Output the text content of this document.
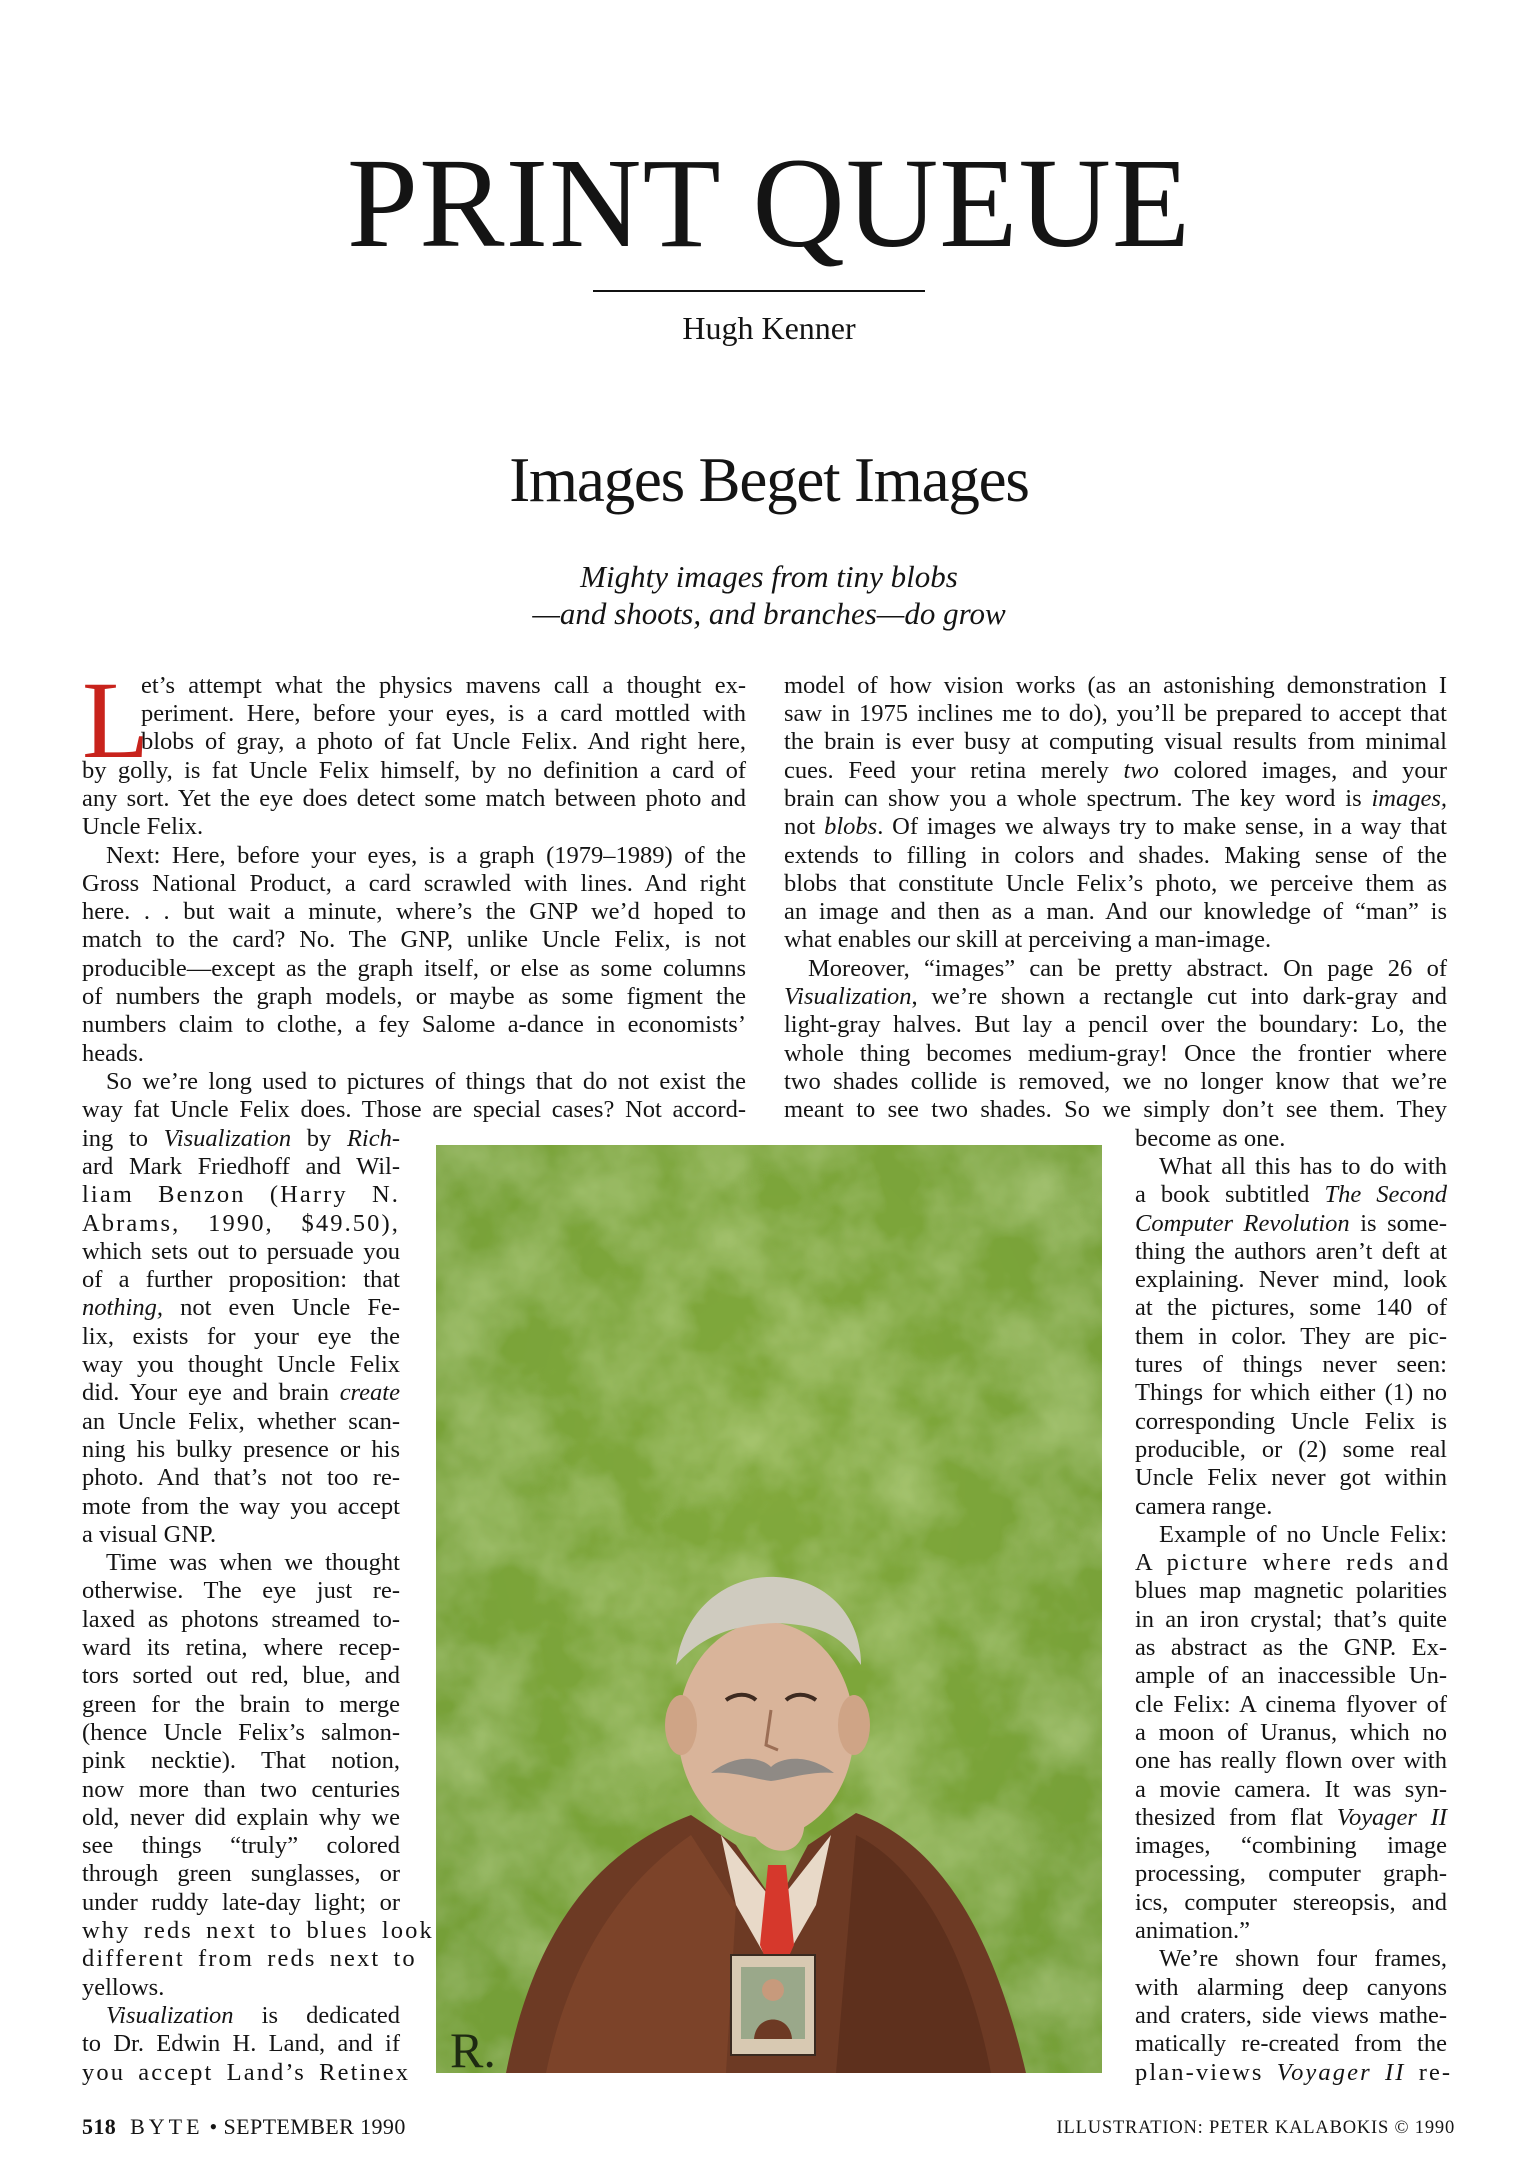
PRINT QUEUE
Hugh Kenner
Images Beget Images
Mighty images from tiny blobs
—and shoots, and branches—do grow
L
et’s attempt what the physics mavens call a thought ex-
periment. Here, before your eyes, is a card mottled with
blobs of gray, a photo of fat Uncle Felix. And right here,
by golly, is fat Uncle Felix himself, by no definition a card of
any sort. Yet the eye does detect some match between photo and
Uncle Felix.
Next: Here, before your eyes, is a graph (1979–1989) of the
Gross National Product, a card scrawled with lines. And right
here. . . but wait a minute, where’s the GNP we’d hoped to
match to the card? No. The GNP, unlike Uncle Felix, is not
producible—except as the graph itself, or else as some columns
of numbers the graph models, or maybe as some figment the
numbers claim to clothe, a fey Salome a-dance in economists’
heads.
So we’re long used to pictures of things that do not exist the
way fat Uncle Felix does. Those are special cases? Not accord-
ing to Visualization by Rich-
ard Mark Friedhoff and Wil-
liam Benzon (Harry N.
Abrams, 1990, $49.50),
which sets out to persuade you
of a further proposition: that
nothing, not even Uncle Fe-
lix, exists for your eye the
way you thought Uncle Felix
did. Your eye and brain create
an Uncle Felix, whether scan-
ning his bulky presence or his
photo. And that’s not too re-
mote from the way you accept
a visual GNP.
Time was when we thought
otherwise. The eye just re-
laxed as photons streamed to-
ward its retina, where recep-
tors sorted out red, blue, and
green for the brain to merge
(hence Uncle Felix’s salmon-
pink necktie). That notion,
now more than two centuries
old, never did explain why we
see things “truly” colored
through green sunglasses, or
under ruddy late-day light; or
why reds next to blues look
different from reds next to
yellows.
Visualization is dedicated
to Dr. Edwin H. Land, and if
you accept Land’s Retinex
model of how vision works (as an astonishing demonstration I
saw in 1975 inclines me to do), you’ll be prepared to accept that
the brain is ever busy at computing visual results from minimal
cues. Feed your retina merely two colored images, and your
brain can show you a whole spectrum. The key word is images,
not blobs. Of images we always try to make sense, in a way that
extends to filling in colors and shades. Making sense of the
blobs that constitute Uncle Felix’s photo, we perceive them as
an image and then as a man. And our knowledge of “man” is
what enables our skill at perceiving a man-image.
Moreover, “images” can be pretty abstract. On page 26 of
Visualization, we’re shown a rectangle cut into dark-gray and
light-gray halves. But lay a pencil over the boundary: Lo, the
whole thing becomes medium-gray! Once the frontier where
two shades collide is removed, we no longer know that we’re
meant to see two shades. So we simply don’t see them. They
become as one.
What all this has to do with
a book subtitled The Second
Computer Revolution is some-
thing the authors aren’t deft at
explaining. Never mind, look
at the pictures, some 140 of
them in color. They are pic-
tures of things never seen:
Things for which either (1) no
corresponding Uncle Felix is
producible, or (2) some real
Uncle Felix never got within
camera range.
Example of no Uncle Felix:
A picture where reds and
blues map magnetic polarities
in an iron crystal; that’s quite
as abstract as the GNP. Ex-
ample of an inaccessible Un-
cle Felix: A cinema flyover of
a moon of Uranus, which no
one has really flown over with
a movie camera. It was syn-
thesized from flat Voyager II
images, “combining image
processing, computer graph-
ics, computer stereopsis, and
animation.”
We’re shown four frames,
with alarming deep canyons
and craters, side views mathe-
matically re-created from the
plan-views Voyager II re-
R.
518 BYTE • SEPTEMBER 1990	ILLUSTRATION: PETER KALABOKIS © 1990
